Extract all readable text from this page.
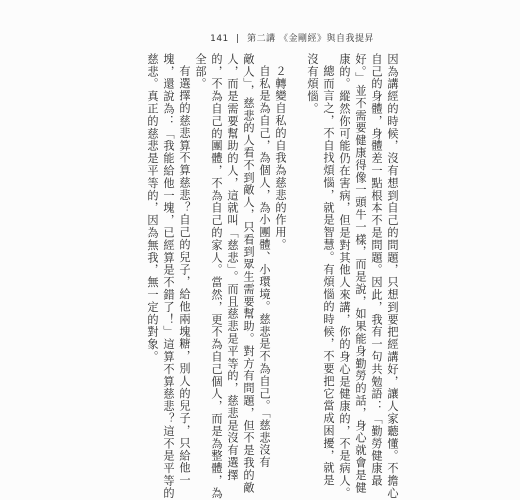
141 | 第二講 《金剛經》與自我提昇
因為講經的時候，沒有想到自己的問題，只想到要把經講好，讓人家聽懂。不擔心
自己的身體，身體差一點根本不是問題。因此，我有一句共勉語：「勤勞健康最
好。」並不需要健康得像一頭牛一樣，而是說，如果能身勤勞的話，身心就會是健
康的。縱然你可能仍在害病，但是對其他人來講，你的身心是健康的，不是病人。
總而言之，不自找煩惱，就是智慧。有煩惱的時候，不要把它當成困擾，就是
沒有煩惱。
２轉變自私的自我為慈悲的作用。
自私是為自己，為個人，為小團體、小環境。慈悲是不為自己。「慈悲沒有
敵人」，慈悲的人看不到敵人，只看到眾生需要幫助。對方有問題，但不是我的敵
人，而是需要幫助的人，這就叫「慈悲」。而且慈悲是平等的，慈悲是沒有選擇
的，不為自己的團體，不為自己的家人。當然，更不為自己個人，而是為整體，為
全部。
有選擇的慈悲算不算慈悲？自己的兒子，給他兩塊糖，別人的兒子，只給他一
塊，還說為：「我能給他一塊，已經算是不錯了！」這算不算慈悲？這不是平等的
慈悲。真正的慈悲是平等的，因為無我，無一定的對象。
